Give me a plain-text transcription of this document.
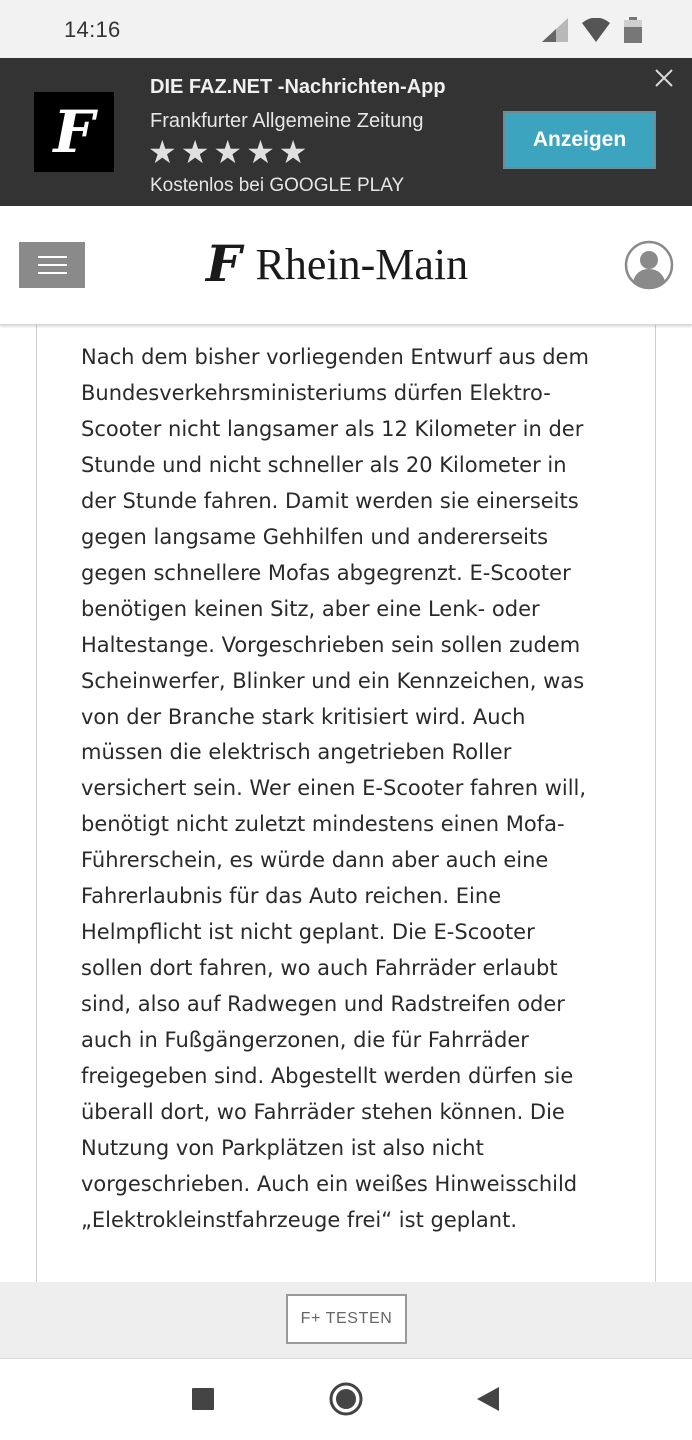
14:16
F
DIE FAZ.NET -Nachrichten-App
Frankfurter Allgemeine Zeitung
★★★★★
Kostenlos bei GOOGLE PLAY
Anzeigen
F Rhein-Main

Nach dem bisher vorliegenden Entwurf aus dem Bundesverkehrsministeriums dürfen Elektro-Scooter nicht langsamer als 12 Kilometer in der Stunde und nicht schneller als 20 Kilometer in der Stunde fahren. Damit werden sie einerseits gegen langsame Gehhilfen und andererseits gegen schnellere Mofas abgegrenzt. E-Scooter benötigen keinen Sitz, aber eine Lenk- oder Haltestange. Vorgeschrieben sein sollen zudem Scheinwerfer, Blinker und ein Kennzeichen, was von der Branche stark kritisiert wird. Auch müssen die elektrisch angetrieben Roller versichert sein. Wer einen E-Scooter fahren will, benötigt nicht zuletzt mindestens einen Mofa-Führerschein, es würde dann aber auch eine Fahrerlaubnis für das Auto reichen. Eine Helmpflicht ist nicht geplant. Die E-Scooter sollen dort fahren, wo auch Fahrräder erlaubt sind, also auf Radwegen und Radstreifen oder auch in Fußgängerzonen, die für Fahrräder freigegeben sind. Abgestellt werden dürfen sie überall dort, wo Fahrräder stehen können. Die Nutzung von Parkplätzen ist also nicht vorgeschrieben. Auch ein weißes Hinweisschild „Elektrokleinstfahrzeuge frei“ ist geplant.

F+ TESTEN
